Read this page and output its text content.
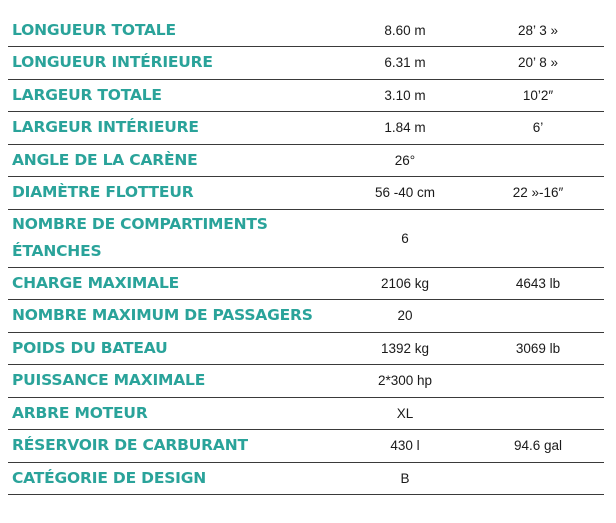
LONGUEUR TOTALE	8.60 m	28’ 3 »
LONGUEUR INTÉRIEURE	6.31 m	20’ 8 »
LARGEUR TOTALE	3.10 m	10’2″
LARGEUR INTÉRIEURE	1.84 m	6’
ANGLE DE LA CARÈNE	26°	
DIAMÈTRE FLOTTEUR	56 -40 cm	22 »-16″
NOMBRE DE COMPARTIMENTS ÉTANCHES	6	
CHARGE MAXIMALE	2106 kg	4643 lb
NOMBRE MAXIMUM DE PASSAGERS	20	
POIDS DU BATEAU	1392 kg	3069 lb
PUISSANCE MAXIMALE	2*300 hp	
ARBRE MOTEUR	XL	
RÉSERVOIR DE CARBURANT	430 l	94.6 gal
CATÉGORIE DE DESIGN	B	
